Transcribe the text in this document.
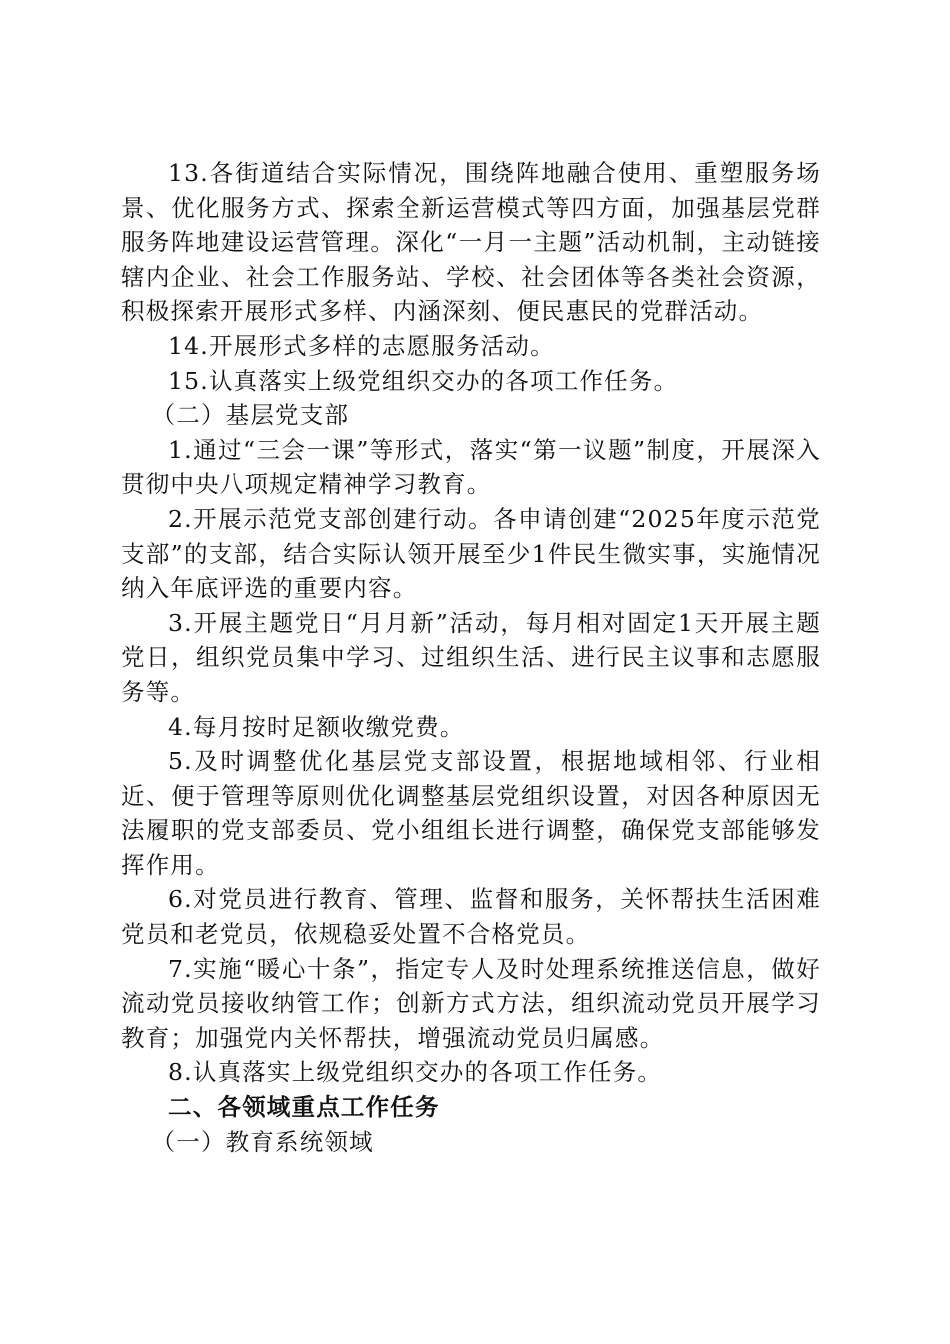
13.各街道结合实际情况，围绕阵地融合使用、重塑服务场景、优化服务方式、探索全新运营模式等四方面，加强基层党群服务阵地建设运营管理。深化“一月一主题”活动机制，主动链接辖内企业、社会工作服务站、学校、社会团体等各类社会资源，积极探索开展形式多样、内涵深刻、便民惠民的党群活动。

14.开展形式多样的志愿服务活动。

15.认真落实上级党组织交办的各项工作任务。

（二）基层党支部

1.通过“三会一课”等形式，落实“第一议题”制度，开展深入贯彻中央八项规定精神学习教育。

2.开展示范党支部创建行动。各申请创建“2025年度示范党支部”的支部，结合实际认领开展至少1件民生微实事，实施情况纳入年底评选的重要内容。

3.开展主题党日“月月新”活动，每月相对固定1天开展主题党日，组织党员集中学习、过组织生活、进行民主议事和志愿服务等。

4.每月按时足额收缴党费。

5.及时调整优化基层党支部设置，根据地域相邻、行业相近、便于管理等原则优化调整基层党组织设置，对因各种原因无法履职的党支部委员、党小组组长进行调整，确保党支部能够发挥作用。

6.对党员进行教育、管理、监督和服务，关怀帮扶生活困难党员和老党员，依规稳妥处置不合格党员。

7.实施“暖心十条”，指定专人及时处理系统推送信息，做好流动党员接收纳管工作；创新方式方法，组织流动党员开展学习教育；加强党内关怀帮扶，增强流动党员归属感。

8.认真落实上级党组织交办的各项工作任务。

二、各领域重点工作任务

（一）教育系统领域
